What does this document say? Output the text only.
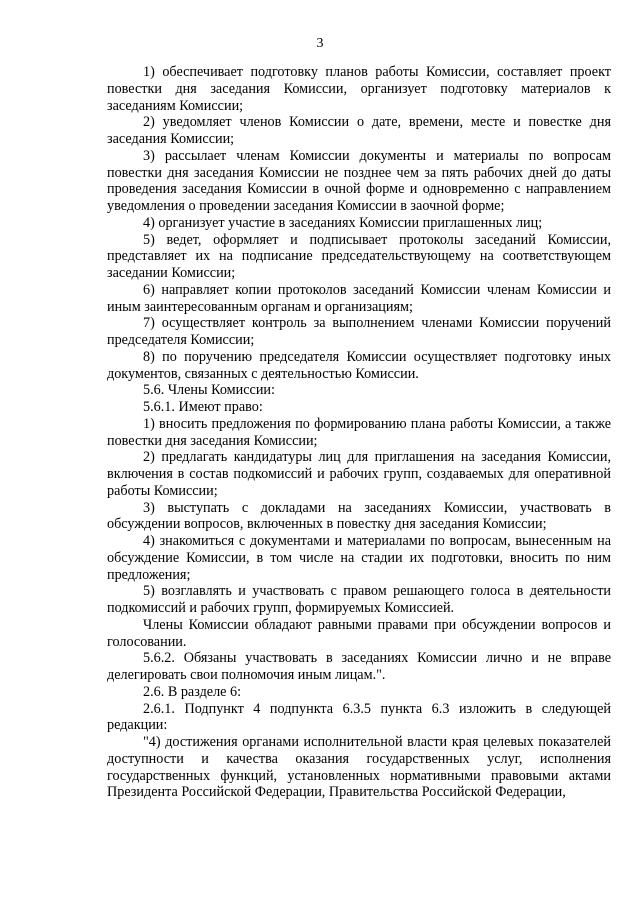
3

1) обеспечивает подготовку планов работы Комиссии, составляет проект повестки дня заседания Комиссии, организует подготовку материалов к заседаниям Комиссии;

2) уведомляет членов Комиссии о дате, времени, месте и повестке дня заседания Комиссии;

3) рассылает членам Комиссии документы и материалы по вопросам повестки дня заседания Комиссии не позднее чем за пять рабочих дней до даты проведения заседания Комиссии в очной форме и одновременно с направлением уведомления о проведении заседания Комиссии в заочной форме;

4) организует участие в заседаниях Комиссии приглашенных лиц;

5) ведет, оформляет и подписывает протоколы заседаний Комиссии, представляет их на подписание председательствующему на соответствующем заседании Комиссии;

6) направляет копии протоколов заседаний Комиссии членам Комиссии и иным заинтересованным органам и организациям;

7) осуществляет контроль за выполнением членами Комиссии поручений председателя Комиссии;

8) по поручению председателя Комиссии осуществляет подготовку иных документов, связанных с деятельностью Комиссии.

5.6. Члены Комиссии:

5.6.1. Имеют право:

1) вносить предложения по формированию плана работы Комиссии, а также повестки дня заседания Комиссии;

2) предлагать кандидатуры лиц для приглашения на заседания Комиссии, включения в состав подкомиссий и рабочих групп, создаваемых для оперативной работы Комиссии;

3) выступать с докладами на заседаниях Комиссии, участвовать в обсуждении вопросов, включенных в повестку дня заседания Комиссии;

4) знакомиться с документами и материалами по вопросам, вынесенным на обсуждение Комиссии, в том числе на стадии их подготовки, вносить по ним предложения;

5) возглавлять и участвовать с правом решающего голоса в деятельности подкомиссий и рабочих групп, формируемых Комиссией.

Члены Комиссии обладают равными правами при обсуждении вопросов и голосовании.

5.6.2. Обязаны участвовать в заседаниях Комиссии лично и не вправе делегировать свои полномочия иным лицам.".

2.6. В разделе 6:

2.6.1. Подпункт 4 подпункта 6.3.5 пункта 6.3 изложить в следующей редакции:

"4) достижения органами исполнительной власти края целевых показателей доступности и качества оказания государственных услуг, исполнения государственных функций, установленных нормативными правовыми актами Президента Российской Федерации, Правительства Российской Федерации,
